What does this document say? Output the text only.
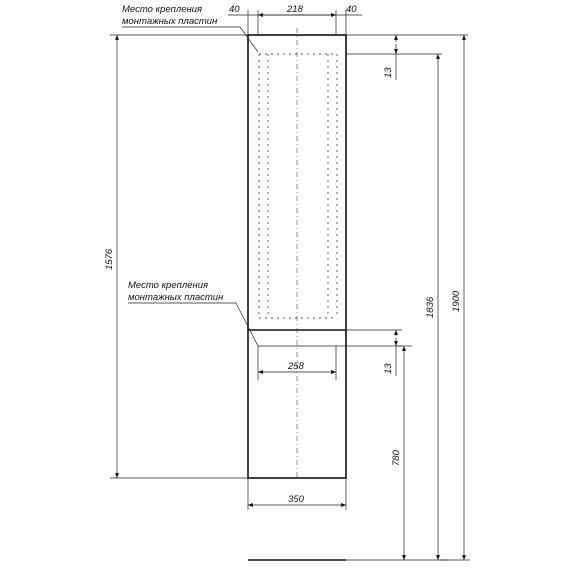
40	218	40
Место крепления
монтажных пластин
13
1576
1836 1900
Место крепления
монтажных пластин
258	13
780
350
